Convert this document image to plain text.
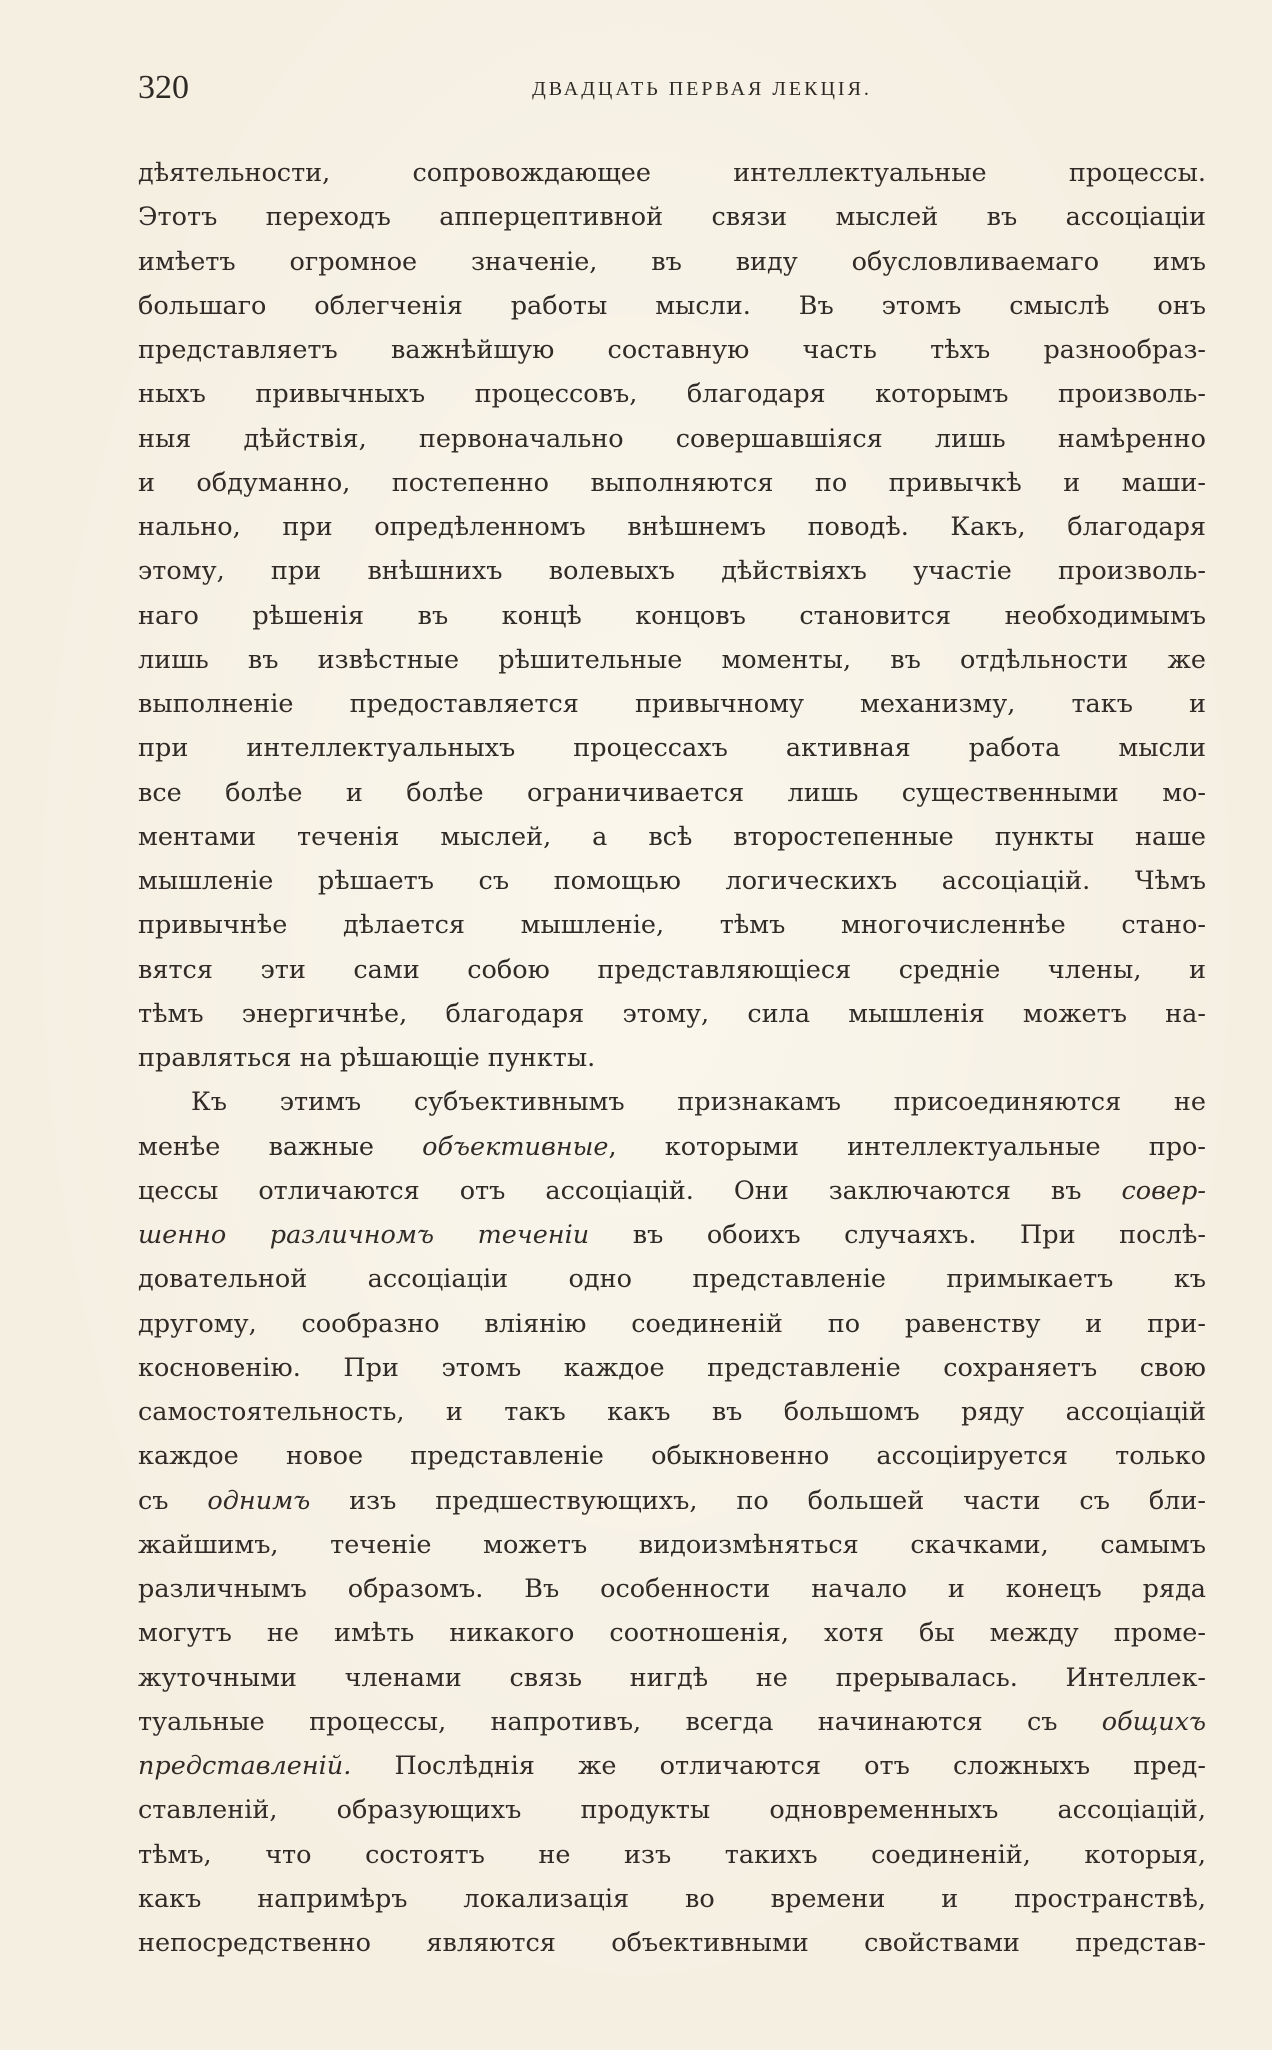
320	ДВАДЦАТЬ ПЕРВАЯ ЛЕКЦІЯ.

дѣятельности, сопровождающее интеллектуальные процессы.
Этотъ переходъ апперцептивной связи мыслей въ ассоціаціи
имѣетъ огромное значеніе, въ виду обусловливаемаго имъ
большаго облегченія работы мысли. Въ этомъ смыслѣ онъ
представляетъ важнѣйшую составную часть тѣхъ разнообраз-
ныхъ привычныхъ процессовъ, благодаря которымъ произволь-
ныя дѣйствія, первоначально совершавшіяся лишь намѣренно
и обдуманно, постепенно выполняются по привычкѣ и маши-
нально, при опредѣленномъ внѣшнемъ поводѣ. Какъ, благодаря
этому, при внѣшнихъ волевыхъ дѣйствіяхъ участіе произволь-
наго рѣшенія въ концѣ концовъ становится необходимымъ
лишь въ извѣстные рѣшительные моменты, въ отдѣльности же
выполненіе предоставляется привычному механизму, такъ и
при интеллектуальныхъ процессахъ активная работа мысли
все болѣе и болѣе ограничивается лишь существенными мо-
ментами теченія мыслей, а всѣ второстепенные пункты наше
мышленіе рѣшаетъ съ помощью логическихъ ассоціацій. Чѣмъ
привычнѣе дѣлается мышленіе, тѣмъ многочисленнѣе стано-
вятся эти сами собою представляющіеся средніе члены, и
тѣмъ энергичнѣе, благодаря этому, сила мышленія можетъ на-
правляться на рѣшающіе пункты.

Къ этимъ субъективнымъ признакамъ присоединяются не
менѣе важные объективные, которыми интеллектуальные про-
цессы отличаются отъ ассоціацій. Они заключаются въ совер-
шенно различномъ теченіи въ обоихъ случаяхъ. При послѣ-
довательной ассоціаціи одно представленіе примыкаетъ къ
другому, сообразно вліянію соединеній по равенству и при-
косновенію. При этомъ каждое представленіе сохраняетъ свою
самостоятельность, и такъ какъ въ большомъ ряду ассоціацій
каждое новое представленіе обыкновенно ассоціируется только
съ однимъ изъ предшествующихъ, по большей части съ бли-
жайшимъ, теченіе можетъ видоизмѣняться скачками, самымъ
различнымъ образомъ. Въ особенности начало и конецъ ряда
могутъ не имѣть никакого соотношенія, хотя бы между проме-
жуточными членами связь нигдѣ не прерывалась. Интеллек-
туальные процессы, напротивъ, всегда начинаются съ общихъ
представленій. Послѣднія же отличаются отъ сложныхъ пред-
ставленій, образующихъ продукты одновременныхъ ассоціацій,
тѣмъ, что состоятъ не изъ такихъ соединеній, которыя,
какъ напримѣръ локализація во времени и пространствѣ,
непосредственно являются объективными свойствами представ-
